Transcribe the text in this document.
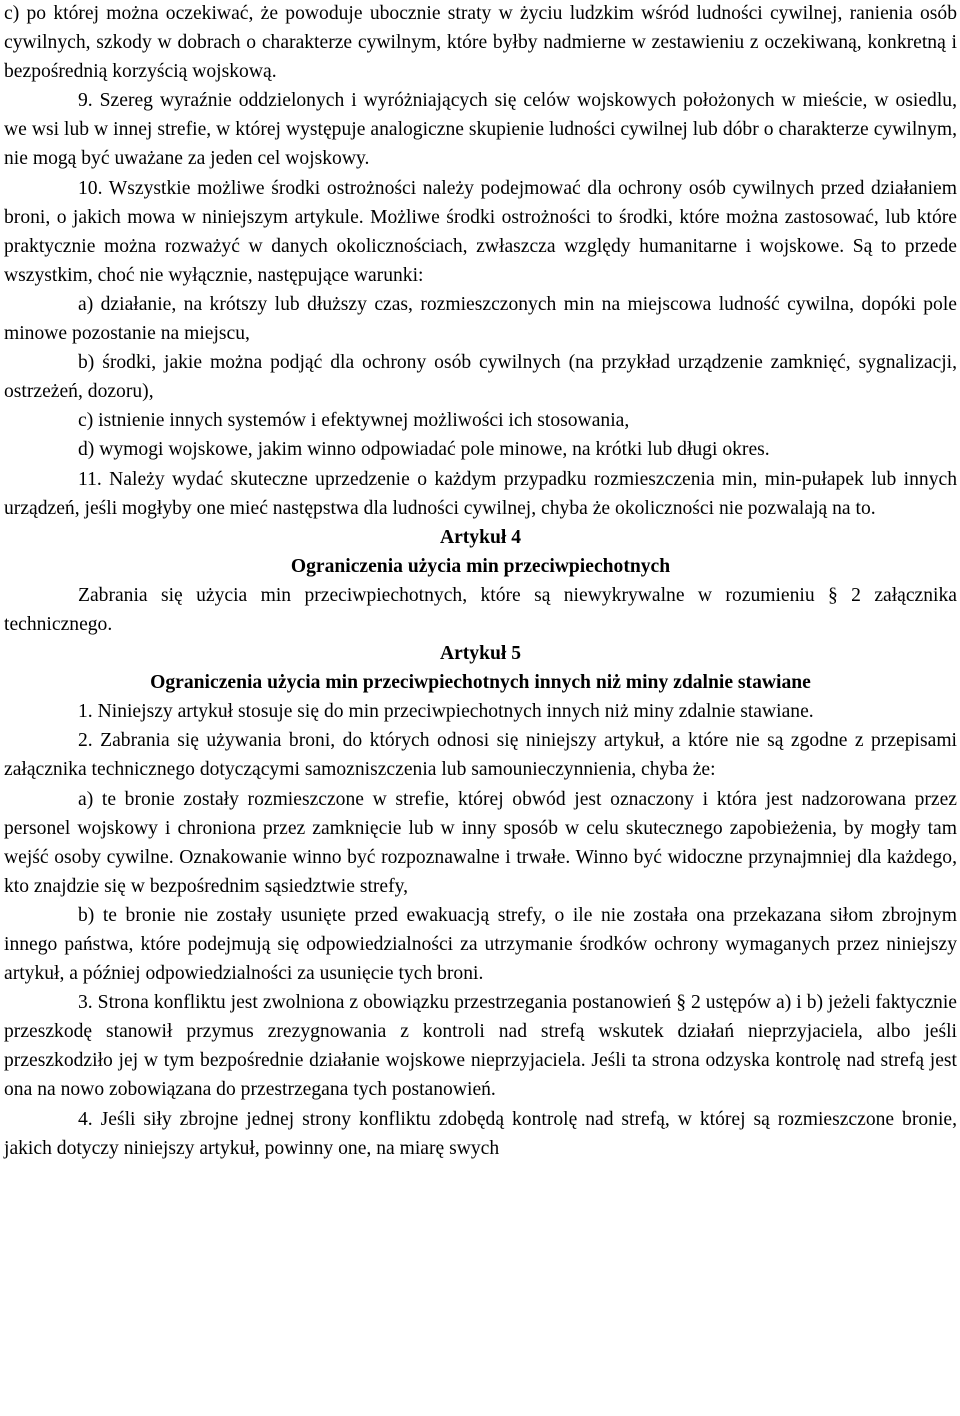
c) po której można oczekiwać, że powoduje ubocznie straty w życiu ludzkim wśród ludności cywilnej, ranienia osób cywilnych, szkody w dobrach o charakterze cywilnym, które byłby nadmierne w zestawieniu z oczekiwaną, konkretną i bezpośrednią korzyścią wojskową.

9. Szereg wyraźnie oddzielonych i wyróżniających się celów wojskowych położonych w mieście, w osiedlu, we wsi lub w innej strefie, w której występuje analogiczne skupienie ludności cywilnej lub dóbr o charakterze cywilnym, nie mogą być uważane za jeden cel wojskowy.

10. Wszystkie możliwe środki ostrożności należy podejmować dla ochrony osób cywilnych przed działaniem broni, o jakich mowa w niniejszym artykule. Możliwe środki ostrożności to środki, które można zastosować, lub które praktycznie można rozważyć w danych okolicznościach, zwłaszcza względy humanitarne i wojskowe. Są to przede wszystkim, choć nie wyłącznie, następujące warunki:

a) działanie, na krótszy lub dłuższy czas, rozmieszczonych min na miejscowa ludność cywilna, dopóki pole minowe pozostanie na miejscu,

b) środki, jakie można podjąć dla ochrony osób cywilnych (na przykład urządzenie zamknięć, sygnalizacji, ostrzeżeń, dozoru),

c) istnienie innych systemów i efektywnej możliwości ich stosowania,

d) wymogi wojskowe, jakim winno odpowiadać pole minowe, na krótki lub długi okres.

11. Należy wydać skuteczne uprzedzenie o każdym przypadku rozmieszczenia min, min-pułapek lub innych urządzeń, jeśli mogłyby one mieć następstwa dla ludności cywilnej, chyba że okoliczności nie pozwalają na to.

Artykuł 4

Ograniczenia użycia min przeciwpiechotnych

Zabrania się użycia min przeciwpiechotnych, które są niewykrywalne w rozumieniu § 2 załącznika technicznego.

Artykuł 5

Ograniczenia użycia min przeciwpiechotnych innych niż miny zdalnie stawiane

1. Niniejszy artykuł stosuje się do min przeciwpiechotnych innych niż miny zdalnie stawiane.

2. Zabrania się używania broni, do których odnosi się niniejszy artykuł, a które nie są zgodne z przepisami załącznika technicznego dotyczącymi samozniszczenia lub samounieczynnienia, chyba że:

a) te bronie zostały rozmieszczone w strefie, której obwód jest oznaczony i która jest nadzorowana przez personel wojskowy i chroniona przez zamknięcie lub w inny sposób w celu skutecznego zapobieżenia, by mogły tam wejść osoby cywilne. Oznakowanie winno być rozpoznawalne i trwałe. Winno być widoczne przynajmniej dla każdego, kto znajdzie się w bezpośrednim sąsiedztwie strefy,

b) te bronie nie zostały usunięte przed ewakuacją strefy, o ile nie została ona przekazana siłom zbrojnym innego państwa, które podejmują się odpowiedzialności za utrzymanie środków ochrony wymaganych przez niniejszy artykuł, a później odpowiedzialności za usunięcie tych broni.

3. Strona konfliktu jest zwolniona z obowiązku przestrzegania postanowień § 2 ustępów a) i b) jeżeli faktycznie przeszkodę stanowił przymus zrezygnowania z kontroli nad strefą wskutek działań nieprzyjaciela, albo jeśli przeszkodziło jej w tym bezpośrednie działanie wojskowe nieprzyjaciela. Jeśli ta strona odzyska kontrolę nad strefą jest ona na nowo zobowiązana do przestrzegana tych postanowień.

4. Jeśli siły zbrojne jednej strony konfliktu zdobędą kontrolę nad strefą, w której są rozmieszczone bronie, jakich dotyczy niniejszy artykuł, powinny one, na miarę swych
